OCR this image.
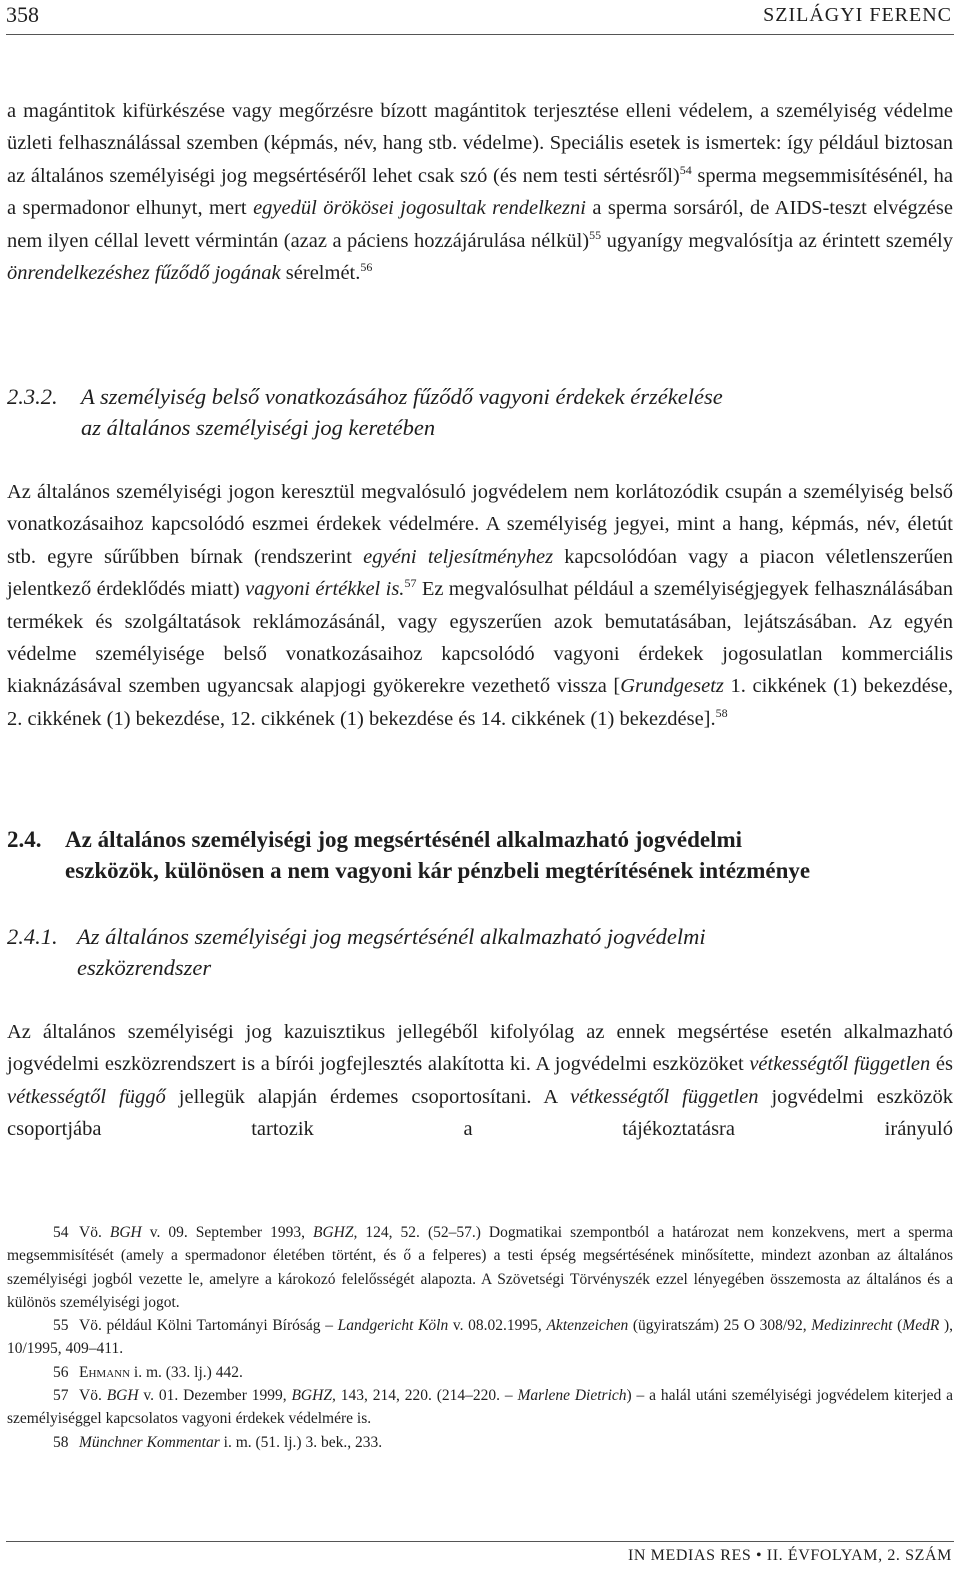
358	SZILÁGYI FERENC

a magántitok kifürkészése vagy megőrzésre bízott magántitok terjesztése elleni védelem, a személyiség védelme üzleti felhasználással szemben (képmás, név, hang stb. védelme). Speciális esetek is ismertek: így például biztosan az általános személyiségi jog megsértéséről lehet csak szó (és nem testi sértésről)$^{54}$ sperma megsemmisítésénél, ha a spermadonor elhunyt, mert egyedül örökösei jogosultak rendelkezni a sperma sorsáról, de AIDS-teszt elvégzése nem ilyen céllal levett vérmintán (azaz a páciens hozzájárulása nélkül)$^{55}$ ugyanígy megvalósítja az érintett személy önrendelkezéshez fűződő jogának sérelmét.$^{56}$

2.3.2. A személyiség belső vonatkozásához fűződő vagyoni érdekek érzékelése
az általános személyiségi jog keretében

Az általános személyiségi jogon keresztül megvalósuló jogvédelem nem korlátozódik csupán a személyiség belső vonatkozásaihoz kapcsolódó eszmei érdekek védelmére. A személyiség jegyei, mint a hang, képmás, név, életút stb. egyre sűrűbben bírnak (rendszerint egyéni teljesítményhez kapcsolódóan vagy a piacon véletlenszerűen jelentkező érdeklődés miatt) vagyoni értékkel is.$^{57}$ Ez megvalósulhat például a személyiségjegyek felhasználásában termékek és szolgáltatások reklámozásánál, vagy egyszerűen azok bemutatásában, lejátszásában. Az egyén védelme személyisége belső vonatkozásaihoz kapcsolódó vagyoni érdekek jogosulatlan kommerciális kiaknázásával szemben ugyancsak alapjogi gyökerekre vezethető vissza [Grundgesetz 1. cikkének (1) bekezdése, 2. cikkének (1) bekezdése, 12. cikkének (1) bekezdése és 14. cikkének (1) bekezdése].$^{58}$

2.4. Az általános személyiségi jog megsértésénél alkalmazható jogvédelmi
eszközök, különösen a nem vagyoni kár pénzbeli megtérítésének intézménye
2.4.1. Az általános személyiségi jog megsértésénél alkalmazható jogvédelmi
eszközrendszer

Az általános személyiségi jog kazuisztikus jellegéből kifolyólag az ennek megsértése esetén alkalmazható jogvédelmi eszközrendszert is a bírói jogfejlesztés alakította ki. A jogvédelmi eszközöket vétkességtől független és vétkességtől függő jellegük alapján érdemes csoportosítani. A vétkességtől független jogvédelmi eszközök csoportjába tartozik a tájékoztatásra irányuló

54 Vö. BGH v. 09. September 1993, BGHZ, 124, 52. (52–57.) Dogmatikai szempontból a határozat nem konzekvens, mert a sperma megsemmisítését (amely a spermadonor életében történt, és ő a felperes) a testi épség megsértésének minősítette, mindezt azonban az általános személyiségi jogból vezette le, amelyre a károkozó felelősségét alapozta. A Szövetségi Törvényszék ezzel lényegében összemosta az általános és a különös személyiségi jogot.
55 Vö. például Kölni Tartományi Bíróság – Landgericht Köln v. 08.02.1995, Aktenzeichen (ügyiratszám) 25 O 308/92, Medizinrecht (MedR ), 10/1995, 409–411.
56 Ehmann i. m. (33. lj.) 442.
57 Vö. BGH v. 01. Dezember 1999, BGHZ, 143, 214, 220. (214–220. – Marlene Dietrich) – a halál utáni személyiségi jogvédelem kiterjed a személyiséggel kapcsolatos vagyoni érdekek védelmére is.
58 Münchner Kommentar i. m. (51. lj.) 3. bek., 233.
IN MEDIAS RES • II. ÉVFOLYAM, 2. SZÁM
